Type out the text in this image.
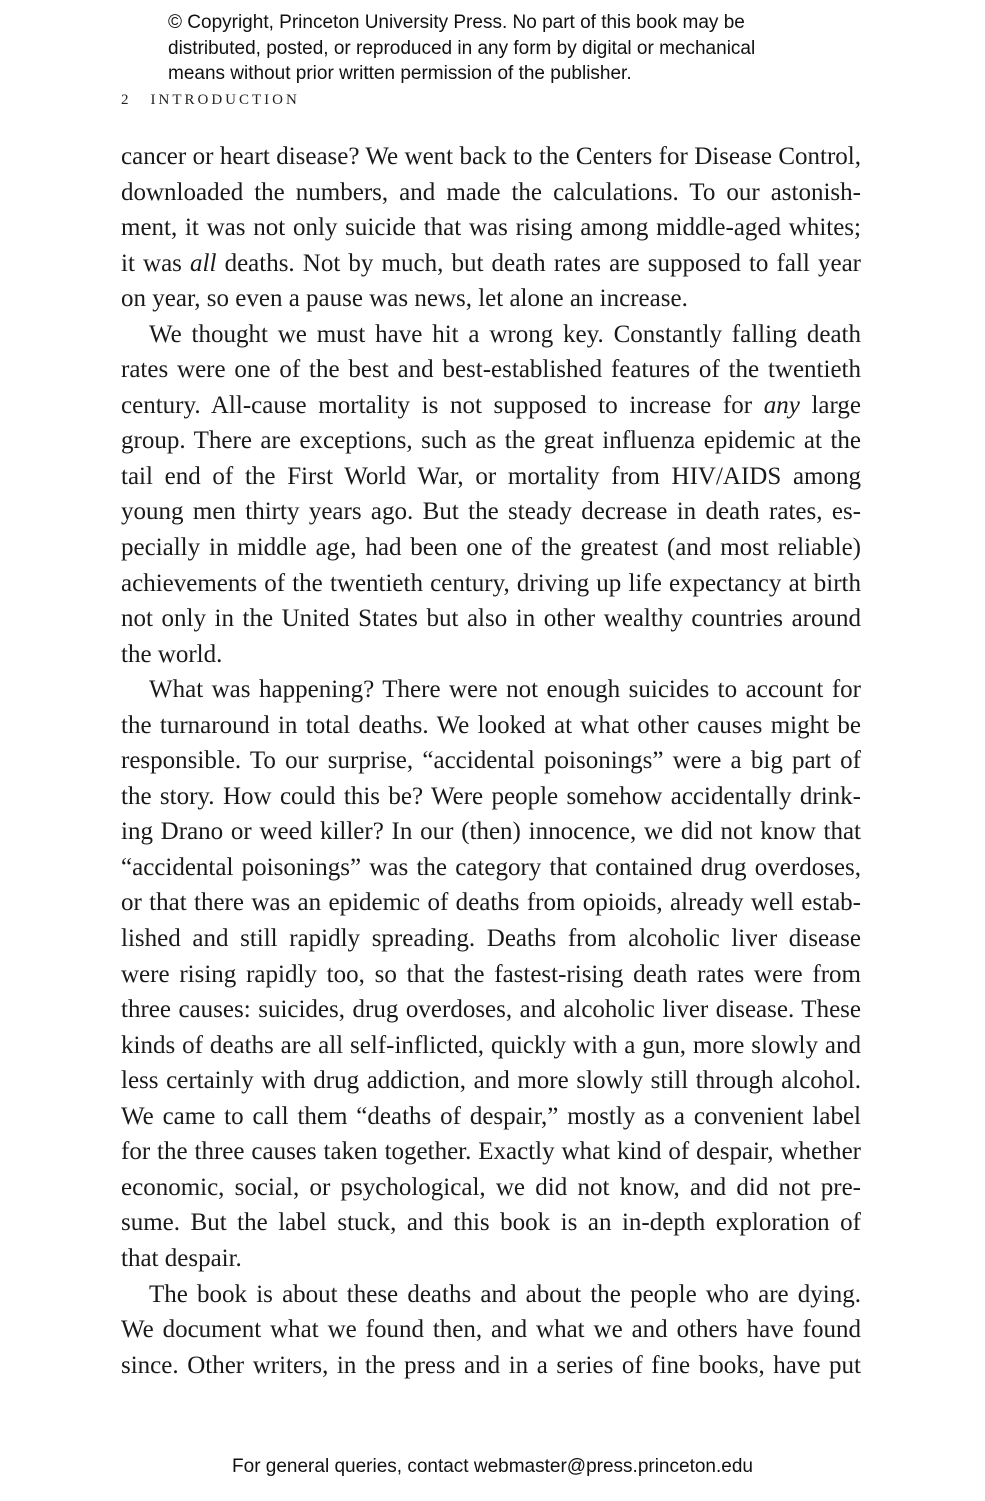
© Copyright, Princeton University Press. No part of this book may be
distributed, posted, or reproduced in any form by digital or mechanical
means without prior written permission of the publisher.
2 INTRODUCTION
cancer or heart disease? We went back to the Centers for Disease Control,
downloaded the numbers, and made the calculations. To our astonish-
ment, it was not only suicide that was rising among middle-aged whites;
it was all deaths. Not by much, but death rates are supposed to fall year
on year, so even a pause was news, let alone an increase.
We thought we must have hit a wrong key. Constantly falling death
rates were one of the best and best-established features of the twentieth
century. All-cause mortality is not supposed to increase for any large
group. There are exceptions, such as the great influenza epidemic at the
tail end of the First World War, or mortality from HIV/AIDS among
young men thirty years ago. But the steady decrease in death rates, es-
pecially in middle age, had been one of the greatest (and most reliable)
achievements of the twentieth century, driving up life expectancy at birth
not only in the United States but also in other wealthy countries around
the world.
What was happening? There were not enough suicides to account for
the turnaround in total deaths. We looked at what other causes might be
responsible. To our surprise, “accidental poisonings” were a big part of
the story. How could this be? Were people somehow accidentally drink-
ing Drano or weed killer? In our (then) innocence, we did not know that
“accidental poisonings” was the category that contained drug overdoses,
or that there was an epidemic of deaths from opioids, already well estab-
lished and still rapidly spreading. Deaths from alcoholic liver disease
were rising rapidly too, so that the fastest-rising death rates were from
three causes: suicides, drug overdoses, and alcoholic liver disease. These
kinds of deaths are all self-inflicted, quickly with a gun, more slowly and
less certainly with drug addiction, and more slowly still through alcohol.
We came to call them “deaths of despair,” mostly as a convenient label
for the three causes taken together. Exactly what kind of despair, whether
economic, social, or psychological, we did not know, and did not pre-
sume. But the label stuck, and this book is an in-depth exploration of
that despair.
The book is about these deaths and about the people who are dying.
We document what we found then, and what we and others have found
since. Other writers, in the press and in a series of fine books, have put
For general queries, contact webmaster@press.princeton.edu
